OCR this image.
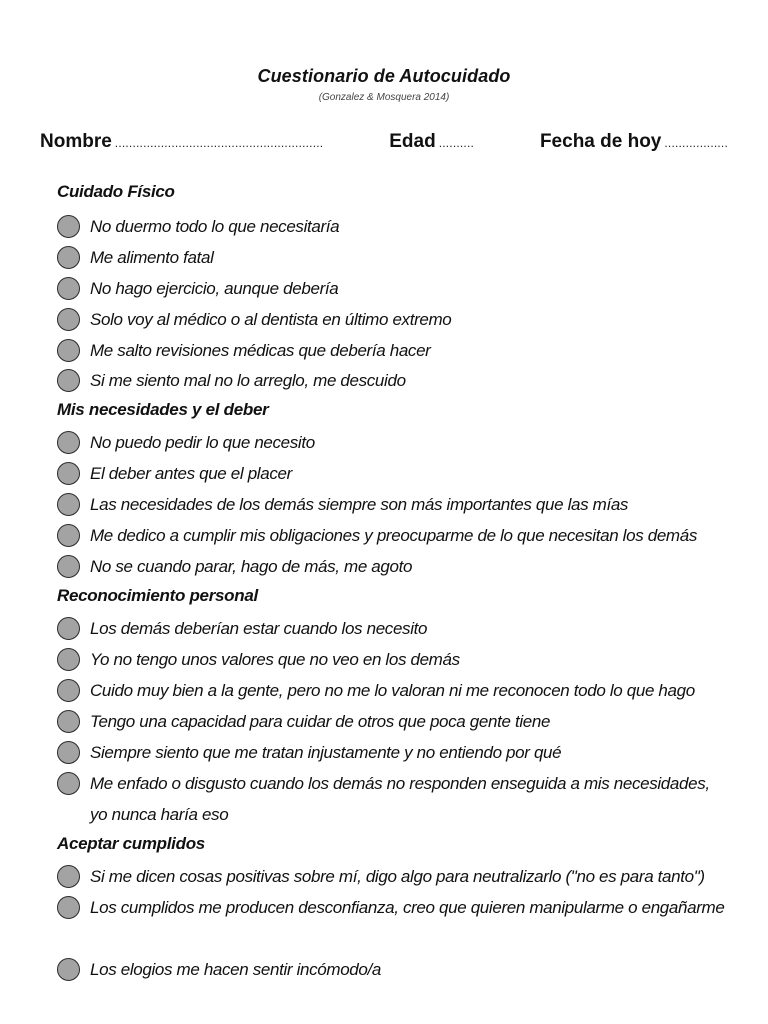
Cuestionario de Autocuidado
(Gonzalez & Mosquera 2014)
Nombre ...........................................................	Edad ..........	Fecha de hoy ..................
Cuidado Físico
No duermo todo lo que necesitaría
Me alimento fatal
No hago ejercicio, aunque debería
Solo voy al médico o al dentista en último extremo
Me salto revisiones médicas que debería hacer
Si me siento mal no lo arreglo, me descuido
Mis necesidades y el deber
No puedo pedir lo que necesito
El deber antes que el placer
Las necesidades de los demás siempre son más importantes que las mías
Me dedico a cumplir mis obligaciones y preocuparme de lo que necesitan los demás
No se cuando parar, hago de más, me agoto
Reconocimiento personal
Los demás deberían estar cuando los necesito
Yo no tengo unos valores que no veo en los demás
Cuido muy bien a la gente, pero no me lo valoran ni me reconocen todo lo que hago
Tengo una capacidad para cuidar de otros que poca gente tiene
Siempre siento que me tratan injustamente y no entiendo por qué
Me enfado o disgusto cuando los demás no responden enseguida a mis necesidades, yo nunca haría eso
Aceptar cumplidos
Si me dicen cosas positivas sobre mí, digo algo para neutralizarlo ("no es para tanto")
Los cumplidos me producen desconfianza, creo que quieren manipularme o engañarme
Los elogios me hacen sentir incómodo/a
